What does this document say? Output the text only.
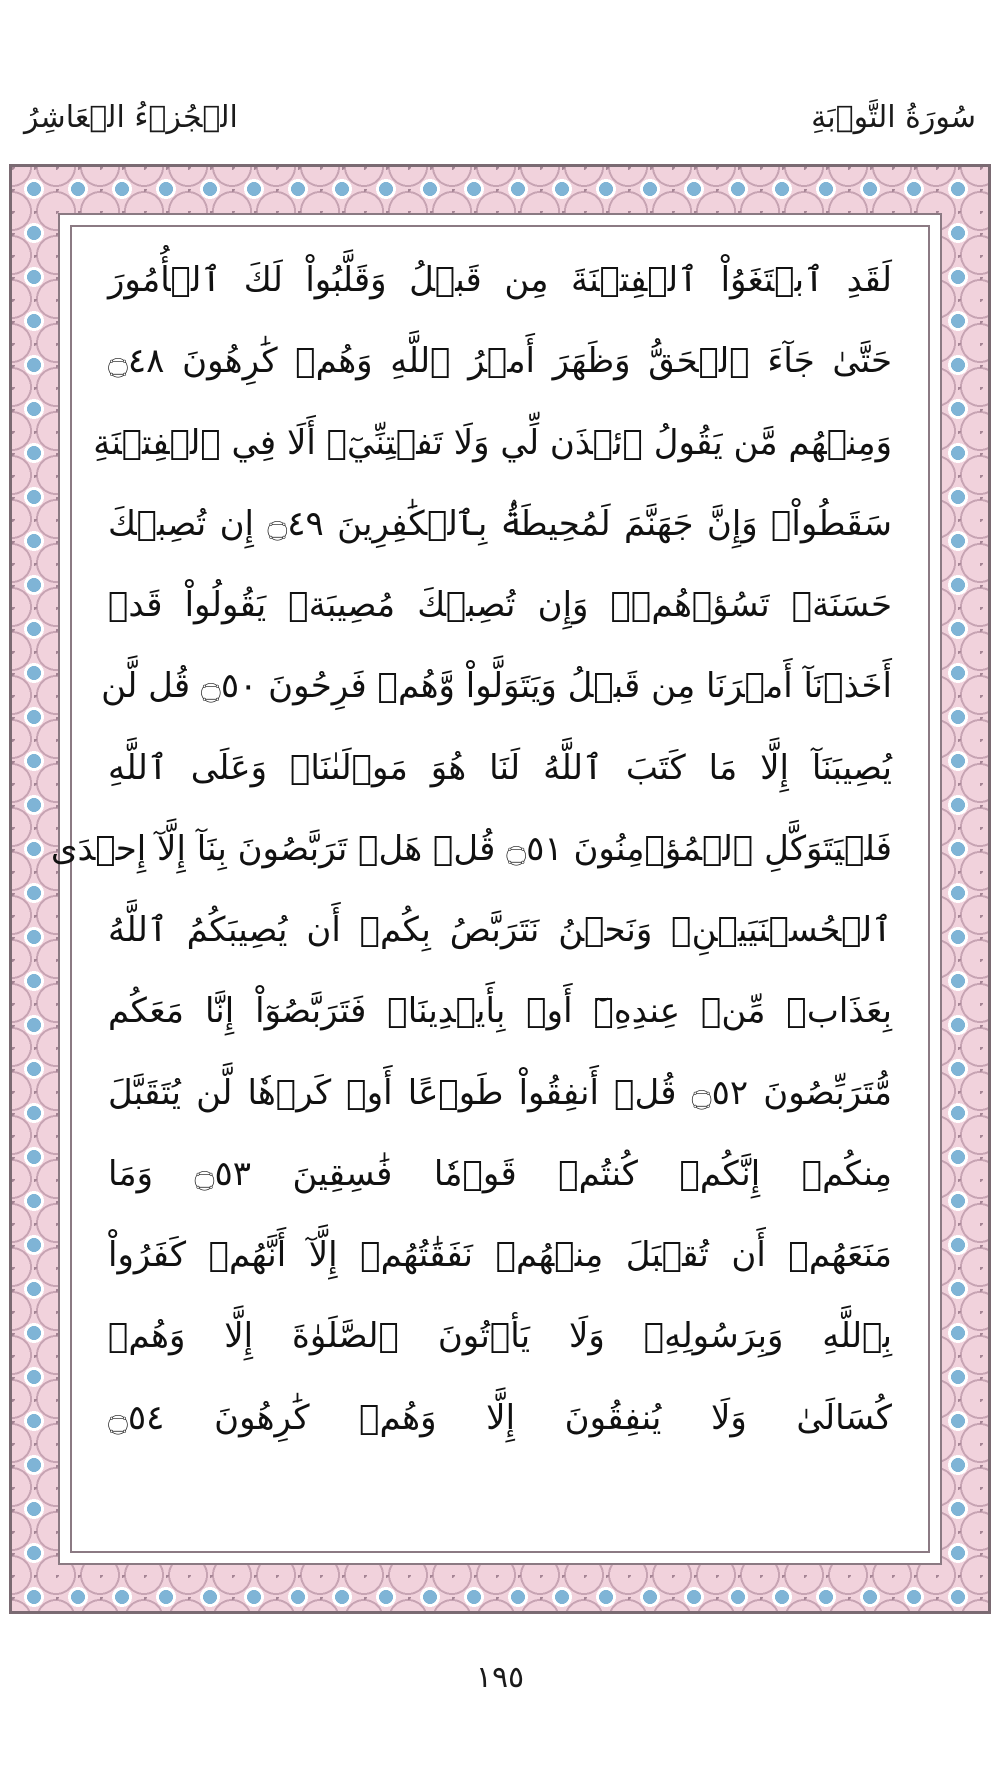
الۡجُزۡءُ الۡعَاشِرُ	سُورَةُ التَّوۡبَةِ
لَقَدِ ٱبۡتَغَوُاْ ٱلۡفِتۡنَةَ مِن قَبۡلُ وَقَلَّبُواْ لَكَ ٱلۡأُمُورَ
حَتَّىٰ جَآءَ ٱلۡحَقُّ وَظَهَرَ أَمۡرُ ٱللَّهِ وَهُمۡ كَٰرِهُونَ ۝٤٨
وَمِنۡهُم مَّن يَقُولُ ٱئۡذَن لِّي وَلَا تَفۡتِنِّيٓۚ أَلَا فِي ٱلۡفِتۡنَةِ
سَقَطُواْۗ وَإِنَّ جَهَنَّمَ لَمُحِيطَةُۢ بِٱلۡكَٰفِرِينَ ۝٤٩ إِن تُصِبۡكَ
حَسَنَةٞ تَسُؤۡهُمۡۖ وَإِن تُصِبۡكَ مُصِيبَةٞ يَقُولُواْ قَدۡ
أَخَذۡنَآ أَمۡرَنَا مِن قَبۡلُ وَيَتَوَلَّواْ وَّهُمۡ فَرِحُونَ ۝٥٠ قُل لَّن
يُصِيبَنَآ إِلَّا مَا كَتَبَ ٱللَّهُ لَنَا هُوَ مَوۡلَىٰنَاۚ وَعَلَى ٱللَّهِ
فَلۡيَتَوَكَّلِ ٱلۡمُؤۡمِنُونَ ۝٥١ قُلۡ هَلۡ تَرَبَّصُونَ بِنَآ إِلَّآ إِحۡدَى
ٱلۡحُسۡنَيَيۡنِۖ وَنَحۡنُ نَتَرَبَّصُ بِكُمۡ أَن يُصِيبَكُمُ ٱللَّهُ
بِعَذَابٖ مِّنۡ عِندِهِۦٓ أَوۡ بِأَيۡدِينَاۖ فَتَرَبَّصُوٓاْ إِنَّا مَعَكُم
مُّتَرَبِّصُونَ ۝٥٢ قُلۡ أَنفِقُواْ طَوۡعًا أَوۡ كَرۡهٗا لَّن يُتَقَبَّلَ
مِنكُمۡ إِنَّكُمۡ كُنتُمۡ قَوۡمٗا فَٰسِقِينَ ۝٥٣ وَمَا
مَنَعَهُمۡ أَن تُقۡبَلَ مِنۡهُمۡ نَفَقَٰتُهُمۡ إِلَّآ أَنَّهُمۡ كَفَرُواْ
بِٱللَّهِ وَبِرَسُولِهِۦ وَلَا يَأۡتُونَ ٱلصَّلَوٰةَ إِلَّا وَهُمۡ
كُسَالَىٰ وَلَا يُنفِقُونَ إِلَّا وَهُمۡ كَٰرِهُونَ ۝٥٤
١٩٥
